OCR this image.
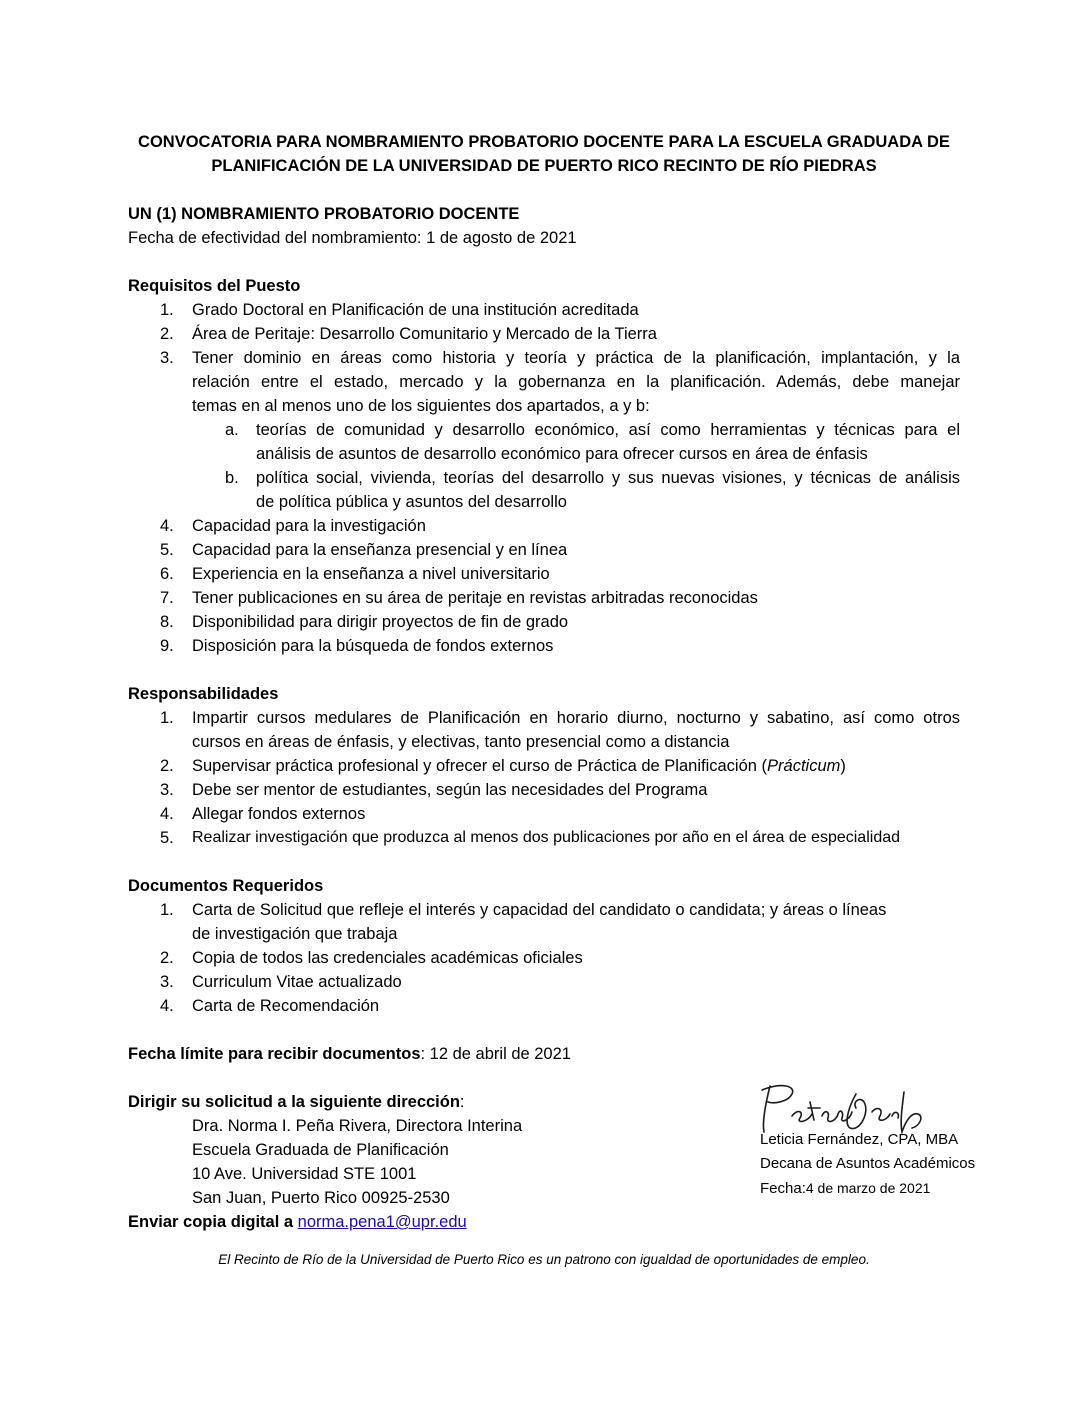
CONVOCATORIA PARA NOMBRAMIENTO PROBATORIO DOCENTE PARA LA ESCUELA GRADUADA DE
PLANIFICACIÓN DE LA UNIVERSIDAD DE PUERTO RICO RECINTO DE RÍO PIEDRAS
UN (1) NOMBRAMIENTO PROBATORIO DOCENTE
Fecha de efectividad del nombramiento: 1 de agosto de 2021
Requisitos del Puesto
1. Grado Doctoral en Planificación de una institución acreditada
2. Área de Peritaje: Desarrollo Comunitario y Mercado de la Tierra
3. Tener dominio en áreas como historia y teoría y práctica de la planificación, implantación, y la
relación entre el estado, mercado y la gobernanza en la planificación. Además, debe manejar
temas en al menos uno de los siguientes dos apartados, a y b:
a. teorías de comunidad y desarrollo económico, así como herramientas y técnicas para el
análisis de asuntos de desarrollo económico para ofrecer cursos en área de énfasis
b. política social, vivienda, teorías del desarrollo y sus nuevas visiones, y técnicas de análisis
de política pública y asuntos del desarrollo
4. Capacidad para la investigación
5. Capacidad para la enseñanza presencial y en línea
6. Experiencia en la enseñanza a nivel universitario
7. Tener publicaciones en su área de peritaje en revistas arbitradas reconocidas
8. Disponibilidad para dirigir proyectos de fin de grado
9. Disposición para la búsqueda de fondos externos
Responsabilidades
1. Impartir cursos medulares de Planificación en horario diurno, nocturno y sabatino, así como otros
cursos en áreas de énfasis, y electivas, tanto presencial como a distancia
2. Supervisar práctica profesional y ofrecer el curso de Práctica de Planificación (Prácticum)
3. Debe ser mentor de estudiantes, según las necesidades del Programa
4. Allegar fondos externos
5. Realizar investigación que produzca al menos dos publicaciones por año en el área de especialidad
Documentos Requeridos
1. Carta de Solicitud que refleje el interés y capacidad del candidato o candidata; y áreas o líneas
de investigación que trabaja
2. Copia de todos las credenciales académicas oficiales
3. Curriculum Vitae actualizado
4. Carta de Recomendación
Fecha límite para recibir documentos: 12 de abril de 2021
Dirigir su solicitud a la siguiente dirección:
Dra. Norma I. Peña Rivera, Directora Interina
Escuela Graduada de Planificación
10 Ave. Universidad STE 1001
San Juan, Puerto Rico 00925-2530
Enviar copia digital a norma.pena1@upr.edu
Leticia Fernández, CPA, MBA
Decana de Asuntos Académicos
Fecha:4 de marzo de 2021
El Recinto de Río de la Universidad de Puerto Rico es un patrono con igualdad de oportunidades de empleo.
